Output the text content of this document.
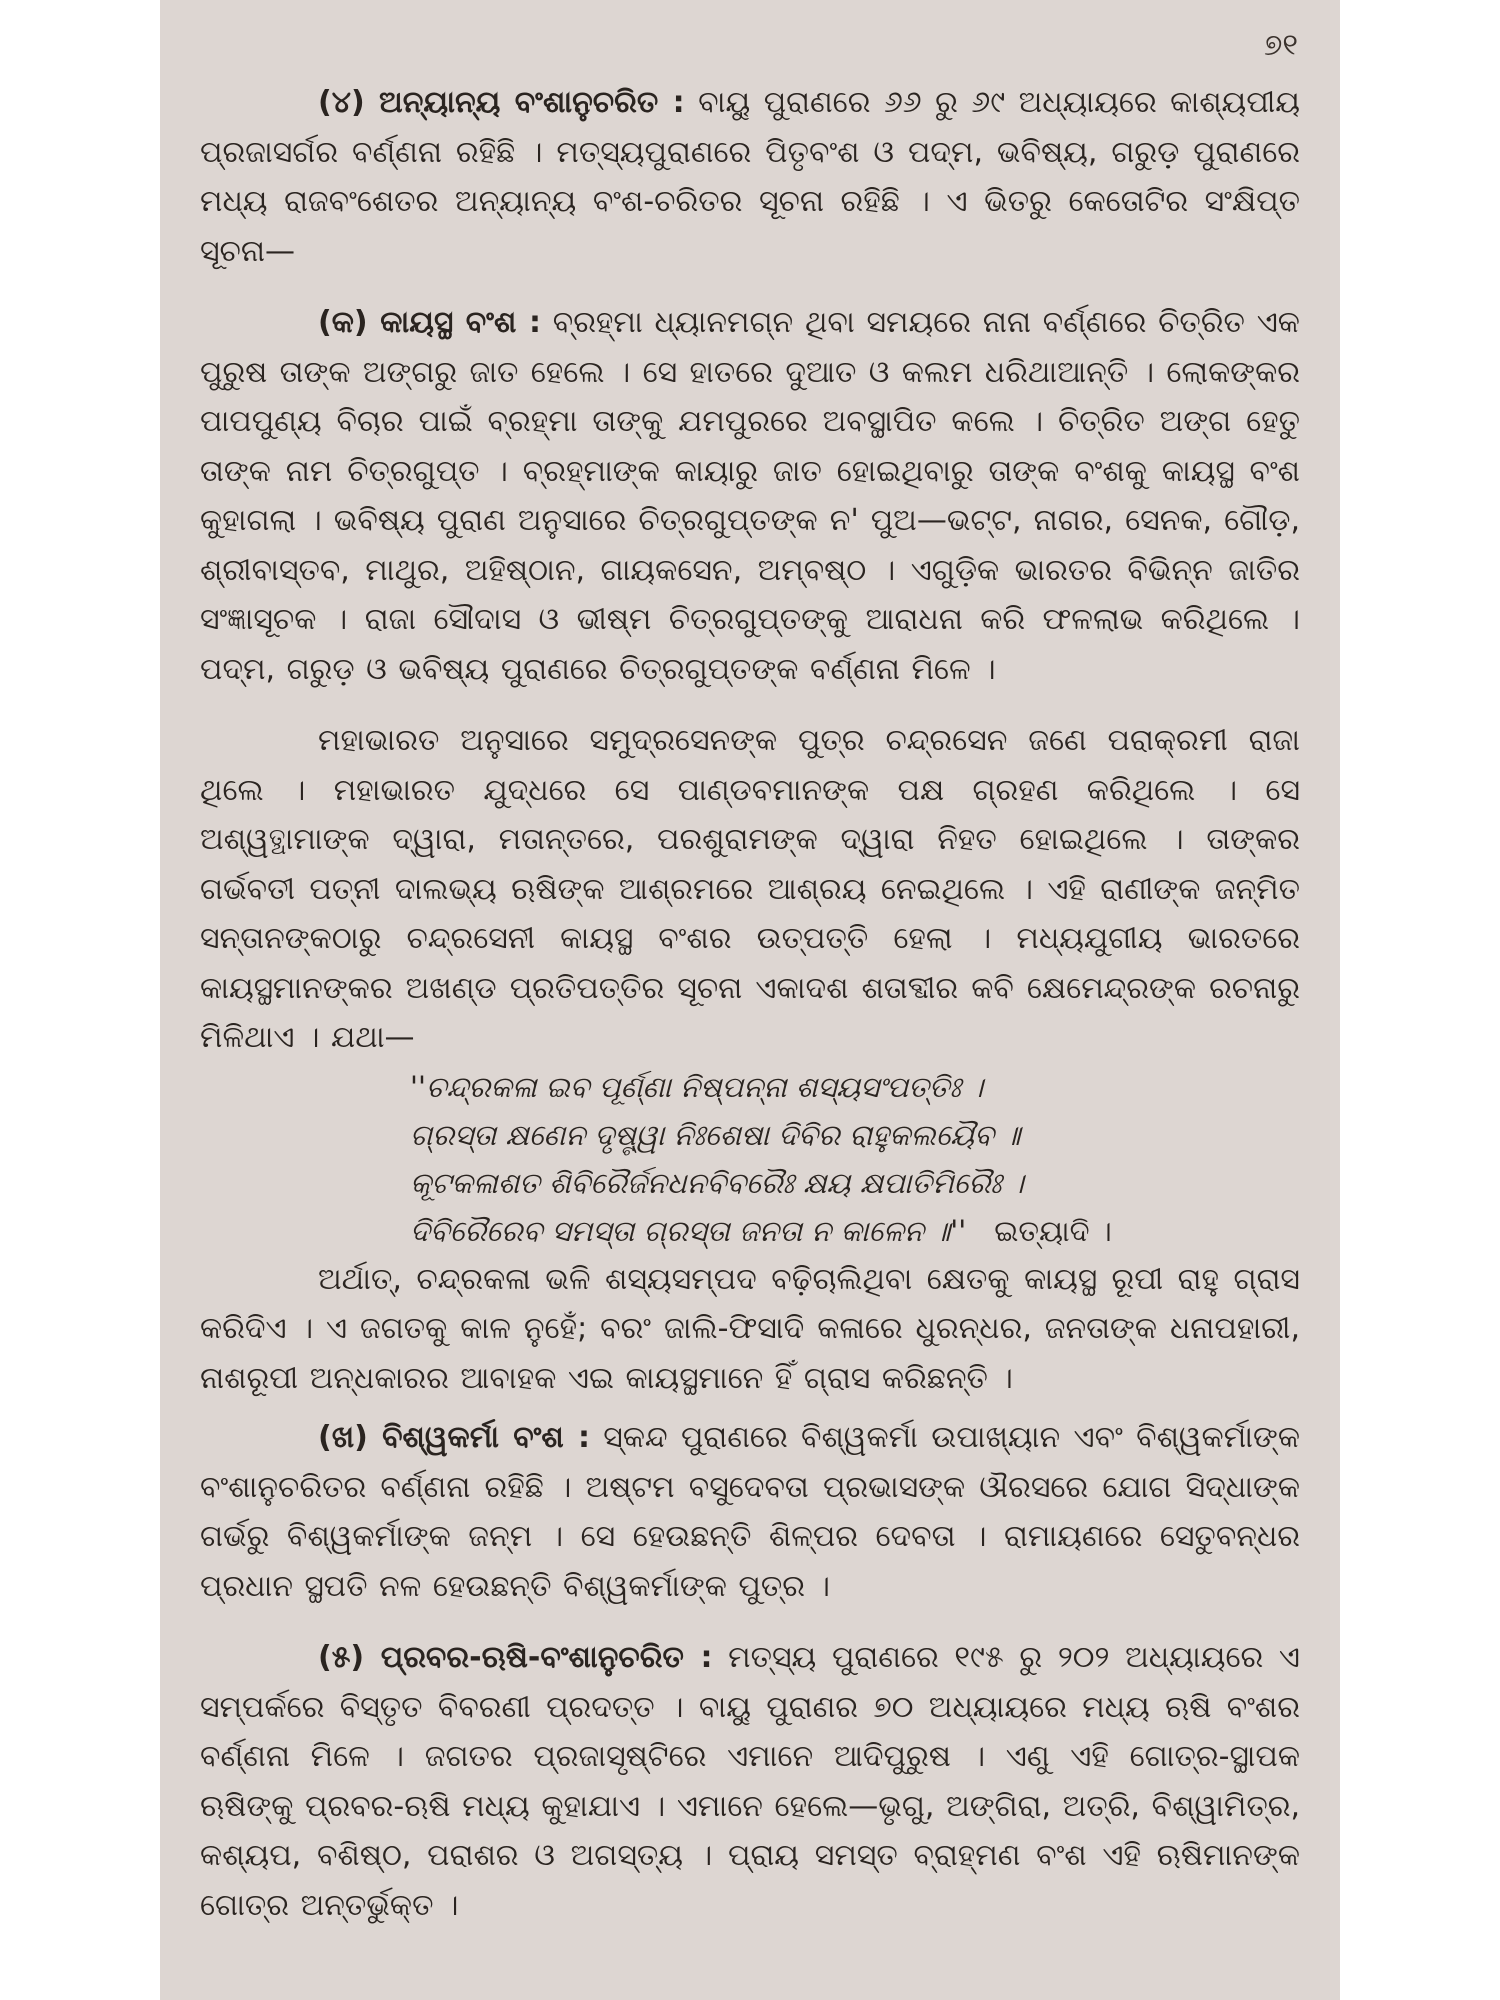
୭୧

(୪) ଅନ୍ୟାନ୍ୟ ବଂଶାନୁଚରିତ : ବାୟୁ ପୁରାଣରେ ୬୬ ରୁ ୬୯ ଅଧ୍ୟାୟରେ କାଶ୍ୟପୀୟ ପ୍ରଜାସର୍ଗର ବର୍ଣ୍ଣନା ରହିଛି । ମତ୍ସ୍ୟପୁରାଣରେ ପିତୃବଂଶ ଓ ପଦ୍ମ, ଭବିଷ୍ୟ, ଗରୁଡ଼ ପୁରାଣରେ ମଧ୍ୟ ରାଜବଂଶେତର ଅନ୍ୟାନ୍ୟ ବଂଶ-ଚରିତର ସୂଚନା ରହିଛି । ଏ ଭିତରୁ କେତୋଟିର ସଂକ୍ଷିପ୍ତ ସୂଚନା—

(କ) କାୟସ୍ଥ ବଂଶ : ବ୍ରହ୍ମା ଧ୍ୟାନମଗ୍ନ ଥିବା ସମୟରେ ନାନା ବର୍ଣ୍ଣରେ ଚିତ୍ରିତ ଏକ ପୁରୁଷ ତାଙ୍କ ଅଙ୍ଗରୁ ଜାତ ହେଲେ । ସେ ହାତରେ ଦୁଆତ ଓ କଲମ ଧରିଥାଆନ୍ତି । ଲୋକଙ୍କର ପାପପୁଣ୍ୟ ବିଚାର ପାଇଁ ବ୍ରହ୍ମା ତାଙ୍କୁ ଯମପୁରରେ ଅବସ୍ଥାପିତ କଲେ । ଚିତ୍ରିତ ଅଙ୍ଗ ହେତୁ ତାଙ୍କ ନାମ ଚିତ୍ରଗୁପ୍ତ । ବ୍ରହ୍ମାଙ୍କ କାୟାରୁ ଜାତ ହୋଇଥିବାରୁ ତାଙ୍କ ବଂଶକୁ କାୟସ୍ଥ ବଂଶ କୁହାଗଲା । ଭବିଷ୍ୟ ପୁରାଣ ଅନୁସାରେ ଚିତ୍ରଗୁପ୍ତଙ୍କ ନ' ପୁଅ—ଭଟ୍ଟ, ନାଗର, ସେନକ, ଗୌଡ଼, ଶ୍ରୀବାସ୍ତବ, ମାଥୁର, ଅହିଷ୍ଠାନ, ଗାୟକସେନ, ଅମ୍ବଷ୍ଠ । ଏଗୁଡ଼ିକ ଭାରତର ବିଭିନ୍ନ ଜାତିର ସଂଜ୍ଞାସୂଚକ । ରାଜା ସୌଦାସ ଓ ଭୀଷ୍ମ ଚିତ୍ରଗୁପ୍ତଙ୍କୁ ଆରାଧନା କରି ଫଳଲାଭ କରିଥିଲେ । ପଦ୍ମ, ଗରୁଡ଼ ଓ ଭବିଷ୍ୟ ପୁରାଣରେ ଚିତ୍ରଗୁପ୍ତଙ୍କ ବର୍ଣ୍ଣନା ମିଳେ ।

ମହାଭାରତ ଅନୁସାରେ ସମୁଦ୍ରସେନଙ୍କ ପୁତ୍ର ଚନ୍ଦ୍ରସେନ ଜଣେ ପରାକ୍ରମୀ ରାଜା ଥିଲେ । ମହାଭାରତ ଯୁଦ୍ଧରେ ସେ ପାଣ୍ଡବମାନଙ୍କ ପକ୍ଷ ଗ୍ରହଣ କରିଥିଲେ । ସେ ଅଶ୍ୱତ୍ଥାମାଙ୍କ ଦ୍ୱାରା, ମତାନ୍ତରେ, ପରଶୁରାମଙ୍କ ଦ୍ୱାରା ନିହତ ହୋଇଥିଲେ । ତାଙ୍କର ଗର୍ଭବତୀ ପତ୍ନୀ ଦାଲଭ୍ୟ ଋଷିଙ୍କ ଆଶ୍ରମରେ ଆଶ୍ରୟ ନେଇଥିଲେ । ଏହି ରାଣୀଙ୍କ ଜନ୍ମିତ ସନ୍ତାନଙ୍କଠାରୁ ଚନ୍ଦ୍ରସେନୀ କାୟସ୍ଥ ବଂଶର ଉତ୍ପତ୍ତି ହେଲା । ମଧ୍ୟଯୁଗୀୟ ଭାରତରେ କାୟସ୍ଥମାନଙ୍କର ଅଖଣ୍ଡ ପ୍ରତିପତ୍ତିର ସୂଚନା ଏକାଦଶ ଶତାବ୍ଦୀର କବି କ୍ଷେମେନ୍ଦ୍ରଙ୍କ ରଚନାରୁ ମିଳିଥାଏ । ଯଥା—

''ଚନ୍ଦ୍ରକଳା ଇବ ପୂର୍ଣ୍ଣା ନିଷ୍ପନ୍ନା ଶସ୍ୟସଂପତ୍ତିଃ ।

ଗ୍ରସ୍ତା କ୍ଷଣେନ ଦୃଷ୍ଟ୍ୱା ନିଃଶେଷା ଦିବିର ରାହୁକଲୟୈବ ॥

କୂଟକଳାଶତ ଶିବିରୈର୍ଜନଧନବିବରୈଃ କ୍ଷୟ କ୍ଷପାତିମିରୈଃ ।

ଦିବିରୈରେବ ସମସ୍ତା ଗ୍ରସ୍ତା ଜନତା ନ କାଳେନ ॥'' ଇତ୍ୟାଦି ।

ଅର୍ଥାତ୍, ଚନ୍ଦ୍ରକଳା ଭଳି ଶସ୍ୟସମ୍ପଦ ବଢ଼ିଚାଲିଥିବା କ୍ଷେତକୁ କାୟସ୍ଥ ରୂପୀ ରାହୁ ଗ୍ରାସ କରିଦିଏ । ଏ ଜଗତକୁ କାଳ ନୁହେଁ; ବରଂ ଜାଲି-ଫିସାଦି କଳାରେ ଧୁରନ୍ଧର, ଜନତାଙ୍କ ଧନାପହାରୀ, ନାଶରୂପୀ ଅନ୍ଧକାରର ଆବାହକ ଏଇ କାୟସ୍ଥମାନେ ହିଁ ଗ୍ରାସ କରିଛନ୍ତି ।

(ଖ) ବିଶ୍ୱକର୍ମା ବଂଶ : ସ୍କନ୍ଦ ପୁରାଣରେ ବିଶ୍ୱକର୍ମା ଉପାଖ୍ୟାନ ଏବଂ ବିଶ୍ୱକର୍ମାଙ୍କ ବଂଶାନୁଚରିତର ବର୍ଣ୍ଣନା ରହିଛି । ଅଷ୍ଟମ ବସୁଦେବତା ପ୍ରଭାସଙ୍କ ଔରସରେ ଯୋଗ ସିଦ୍ଧାଙ୍କ ଗର୍ଭରୁ ବିଶ୍ୱକର୍ମାଙ୍କ ଜନ୍ମ । ସେ ହେଉଛନ୍ତି ଶିଳ୍ପର ଦେବତା । ରାମାୟଣରେ ସେତୁବନ୍ଧର ପ୍ରଧାନ ସ୍ଥପତି ନଳ ହେଉଛନ୍ତି ବିଶ୍ୱକର୍ମାଙ୍କ ପୁତ୍ର ।

(୫) ପ୍ରବର-ଋଷି-ବଂଶାନୁଚରିତ : ମତ୍ସ୍ୟ ପୁରାଣରେ ୧୯୫ ରୁ ୨୦୨ ଅଧ୍ୟାୟରେ ଏ ସମ୍ପର୍କରେ ବିସ୍ତୃତ ବିବରଣୀ ପ୍ରଦତ୍ତ । ବାୟୁ ପୁରାଣର ୭୦ ଅଧ୍ୟାୟରେ ମଧ୍ୟ ଋଷି ବଂଶର ବର୍ଣ୍ଣନା ମିଳେ । ଜଗତର ପ୍ରଜାସୃଷ୍ଟିରେ ଏମାନେ ଆଦିପୁରୁଷ । ଏଣୁ ଏହି ଗୋତ୍ର-ସ୍ଥାପକ ଋଷିଙ୍କୁ ପ୍ରବର-ଋଷି ମଧ୍ୟ କୁହାଯାଏ । ଏମାନେ ହେଲେ—ଭୃଗୁ, ଅଙ୍ଗିରା, ଅତ୍ରି, ବିଶ୍ୱାମିତ୍ର, କଶ୍ୟପ, ବଶିଷ୍ଠ, ପରାଶର ଓ ଅଗସ୍ତ୍ୟ । ପ୍ରାୟ ସମସ୍ତ ବ୍ରାହ୍ମଣ ବଂଶ ଏହି ଋଷିମାନଙ୍କ ଗୋତ୍ର ଅନ୍ତର୍ଭୁକ୍ତ ।
